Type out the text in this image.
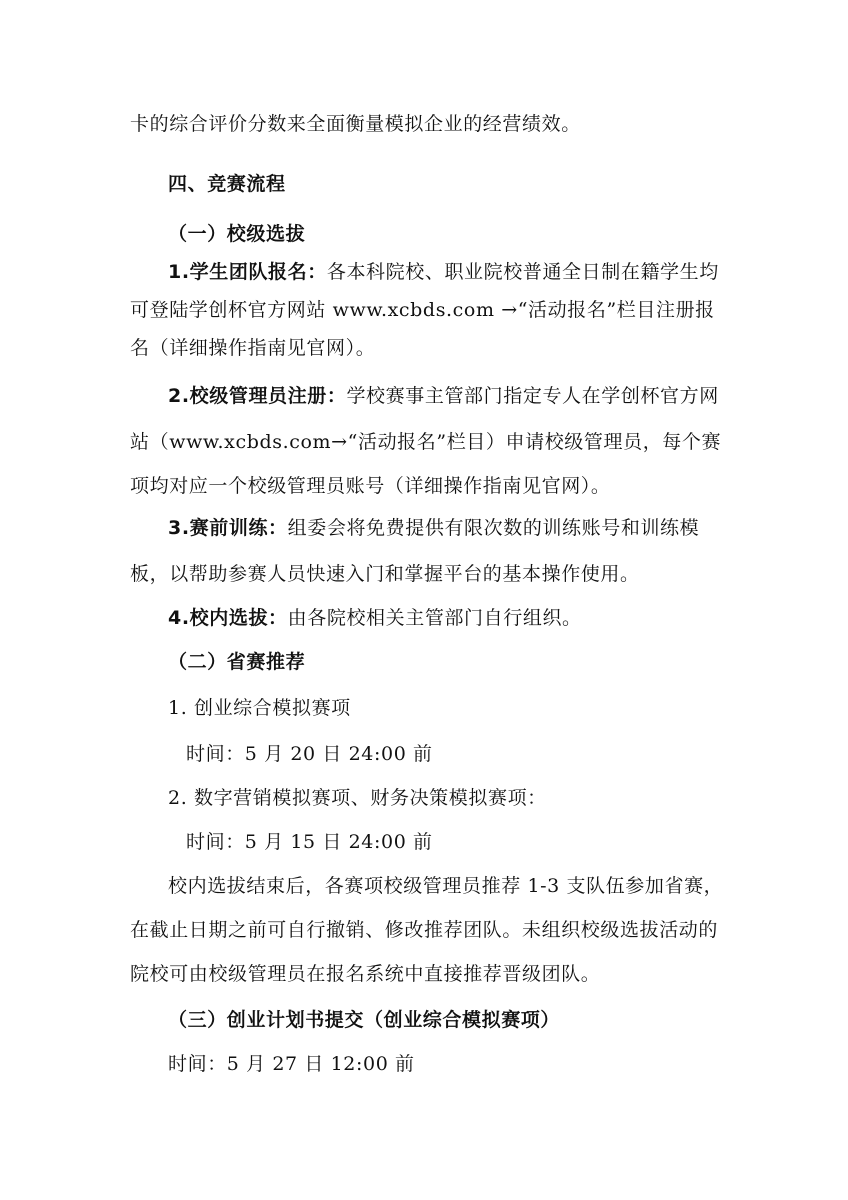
卡的综合评价分数来全面衡量模拟企业的经营绩效。
四、竞赛流程
（一）校级选拔
1.学生团队报名：各本科院校、职业院校普通全日制在籍学生均
可登陆学创杯官方网站 www.xcbds.com →“活动报名”栏目注册报
名（详细操作指南见官网）。
2.校级管理员注册：学校赛事主管部门指定专人在学创杯官方网
站（www.xcbds.com→“活动报名”栏目）申请校级管理员，每个赛
项均对应一个校级管理员账号（详细操作指南见官网）。
3.赛前训练：组委会将免费提供有限次数的训练账号和训练模
板，以帮助参赛人员快速入门和掌握平台的基本操作使用。
4.校内选拔：由各院校相关主管部门自行组织。
（二）省赛推荐
1. 创业综合模拟赛项
时间：5 月 20 日 24:00 前
2. 数字营销模拟赛项、财务决策模拟赛项：
时间：5 月 15 日 24:00 前
校内选拔结束后，各赛项校级管理员推荐 1-3 支队伍参加省赛，
在截止日期之前可自行撤销、修改推荐团队。未组织校级选拔活动的
院校可由校级管理员在报名系统中直接推荐晋级团队。
（三）创业计划书提交（创业综合模拟赛项）
时间：5 月 27 日 12:00 前
